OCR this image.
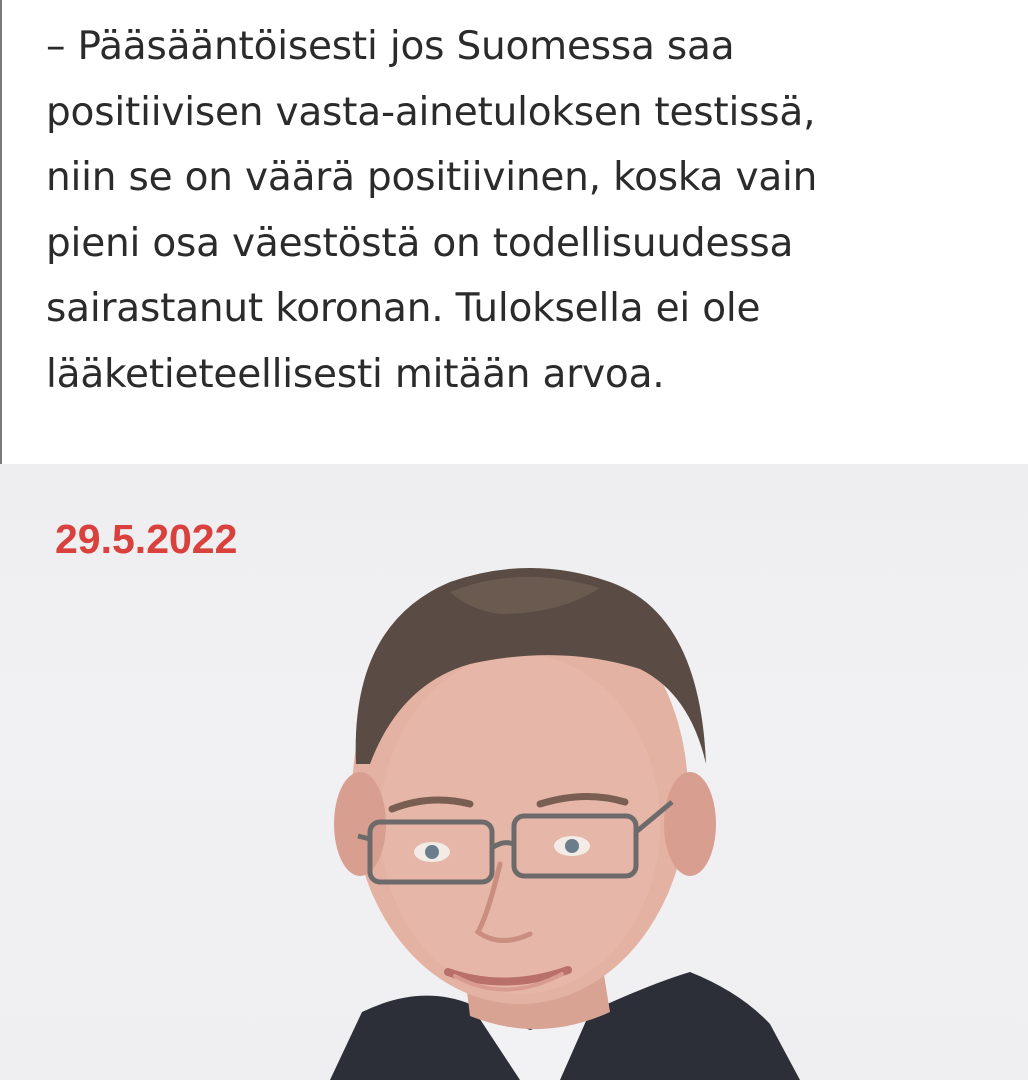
– Pääsääntöisesti jos Suomessa saa
positiivisen vasta-ainetuloksen testissä,
niin se on väärä positiivinen, koska vain
pieni osa väestöstä on todellisuudessa
sairastanut koronan. Tuloksella ei ole
lääketieteellisesti mitään arvoa.

29.5.2022
